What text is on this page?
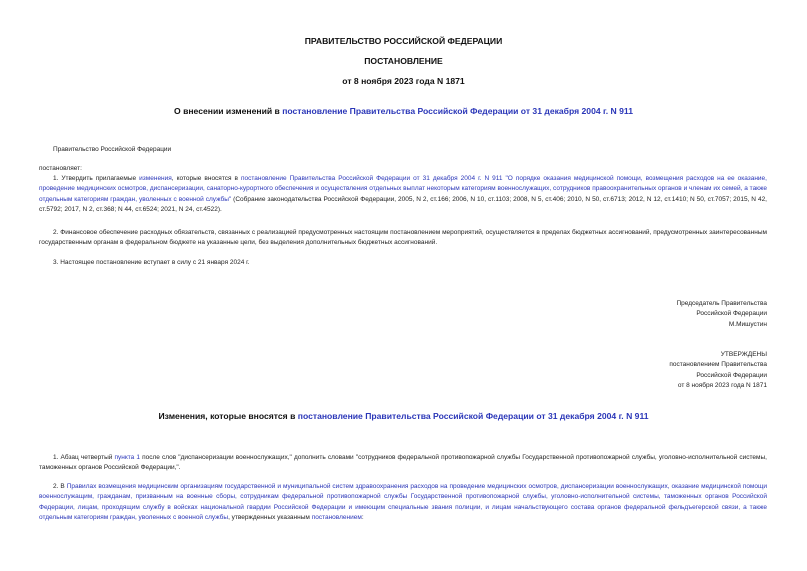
ПРАВИТЕЛЬСТВО РОССИЙСКОЙ ФЕДЕРАЦИИ
ПОСТАНОВЛЕНИЕ
от 8 ноября 2023 года N 1871
О внесении изменений в постановление Правительства Российской Федерации от 31 декабря 2004 г. N 911
Правительство Российской Федерации
постановляет:
1. Утвердить прилагаемые изменения, которые вносятся в постановление Правительства Российской Федерации от 31 декабря 2004 г. N 911 "О порядке оказания медицинской помощи, возмещения расходов на ее оказание, проведение медицинских осмотров, диспансеризации, санаторно-курортного обеспечения и осуществления отдельных выплат некоторым категориям военнослужащих, сотрудников правоохранительных органов и членам их семей, а также отдельным категориям граждан, уволенных с военной службы" (Собрание законодательства Российской Федерации, 2005, N 2, ст.166; 2006, N 10, ст.1103; 2008, N 5, ст.406; 2010, N 50, ст.6713; 2012, N 12, ст.1410; N 50, ст.7057; 2015, N 42, ст.5792; 2017, N 2, ст.368; N 44, ст.6524; 2021, N 24, ст.4522).
2. Финансовое обеспечение расходных обязательств, связанных с реализацией предусмотренных настоящим постановлением мероприятий, осуществляется в пределах бюджетных ассигнований, предусмотренных заинтересованным государственным органам в федеральном бюджете на указанные цели, без выделения дополнительных бюджетных ассигнований.
3. Настоящее постановление вступает в силу с 21 января 2024 г.
Председатель Правительства
Российской Федерации
М.Мишустин
УТВЕРЖДЕНЫ
постановлением Правительства
Российской Федерации
от 8 ноября 2023 года N 1871
Изменения, которые вносятся в постановление Правительства Российской Федерации от 31 декабря 2004 г. N 911
1. Абзац четвертый пункта 1 после слов "диспансеризации военнослужащих," дополнить словами "сотрудников федеральной противопожарной службы Государственной противопожарной службы, уголовно-исполнительной системы, таможенных органов Российской Федерации,".
2. В Правилах возмещения медицинским организациям государственной и муниципальной систем здравоохранения расходов на проведение медицинских осмотров, диспансеризации военнослужащих, оказание медицинской помощи военнослужащим, гражданам, призванным на военные сборы, сотрудникам федеральной противопожарной службы Государственной противопожарной службы, уголовно-исполнительной системы, таможенных органов Российской Федерации, лицам, проходящим службу в войсках национальной гвардии Российской Федерации и имеющим специальные звания полиции, и лицам начальствующего состава органов федеральной фельдъегерской связи, а также отдельным категориям граждан, уволенных с военной службы, утвержденных указанным постановлением:
